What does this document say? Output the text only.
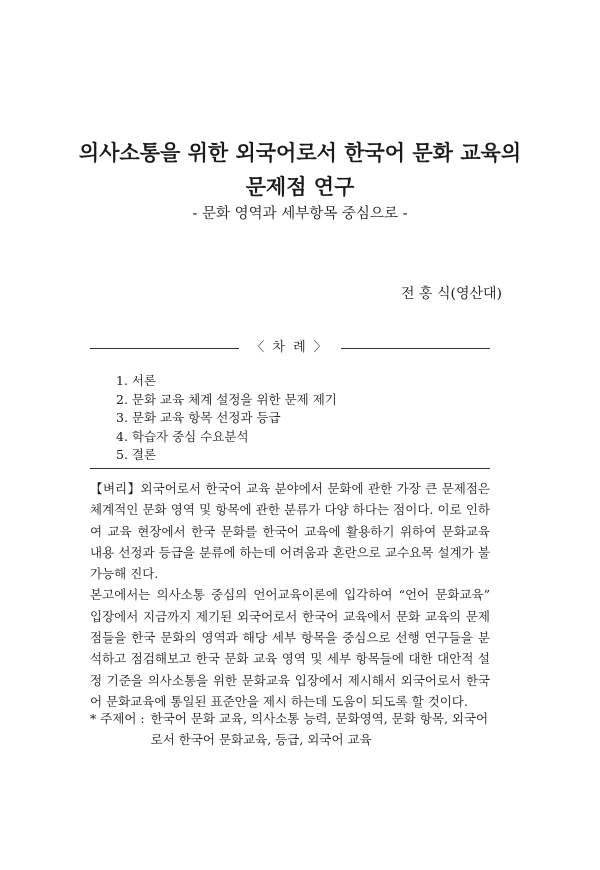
의사소통을 위한 외국어로서 한국어 문화 교육의
문제점 연구
- 문화 영역과 세부항목 중심으로 -
전 홍 식(영산대)
〈 차 례 〉
1. 서론
2. 문화 교육 체계 설정을 위한 문제 제기
3. 문화 교육 항목 선정과 등급
4. 학습자 중심 수요분석
5. 결론

【벼리】외국어로서 한국어 교육 분야에서 문화에 관한 가장 큰 문제점은 체계적인 문화 영역 및 항목에 관한 분류가 다양 하다는 점이다. 이로 인하여 교육 현장에서 한국 문화를 한국어 교육에 활용하기 위하여 문화교육 내용 선정과 등급을 분류에 하는데 어려움과 혼란으로 교수요목 설계가 불가능해 진다.

본고에서는 의사소통 중심의 언어교육이론에 입각하여 “언어 문화교육” 입장에서 지금까지 제기된 외국어로서 한국어 교육에서 문화 교육의 문제점들을 한국 문화의 영역과 해당 세부 항목을 중심으로 선행 연구들을 분석하고 점검해보고 한국 문화 교육 영역 및 세부 항목들에 대한 대안적 설정 기준을 의사소통을 위한 문화교육 입장에서 제시해서 외국어로서 한국어 문화교육에 통일된 표준안을 제시 하는데 도움이 되도록 할 것이다.

* 주제어 : 한국어 문화 교육, 의사소통 능력, 문화영역, 문화 항목, 외국어로서 한국어 문화교육, 등급, 외국어 교육
